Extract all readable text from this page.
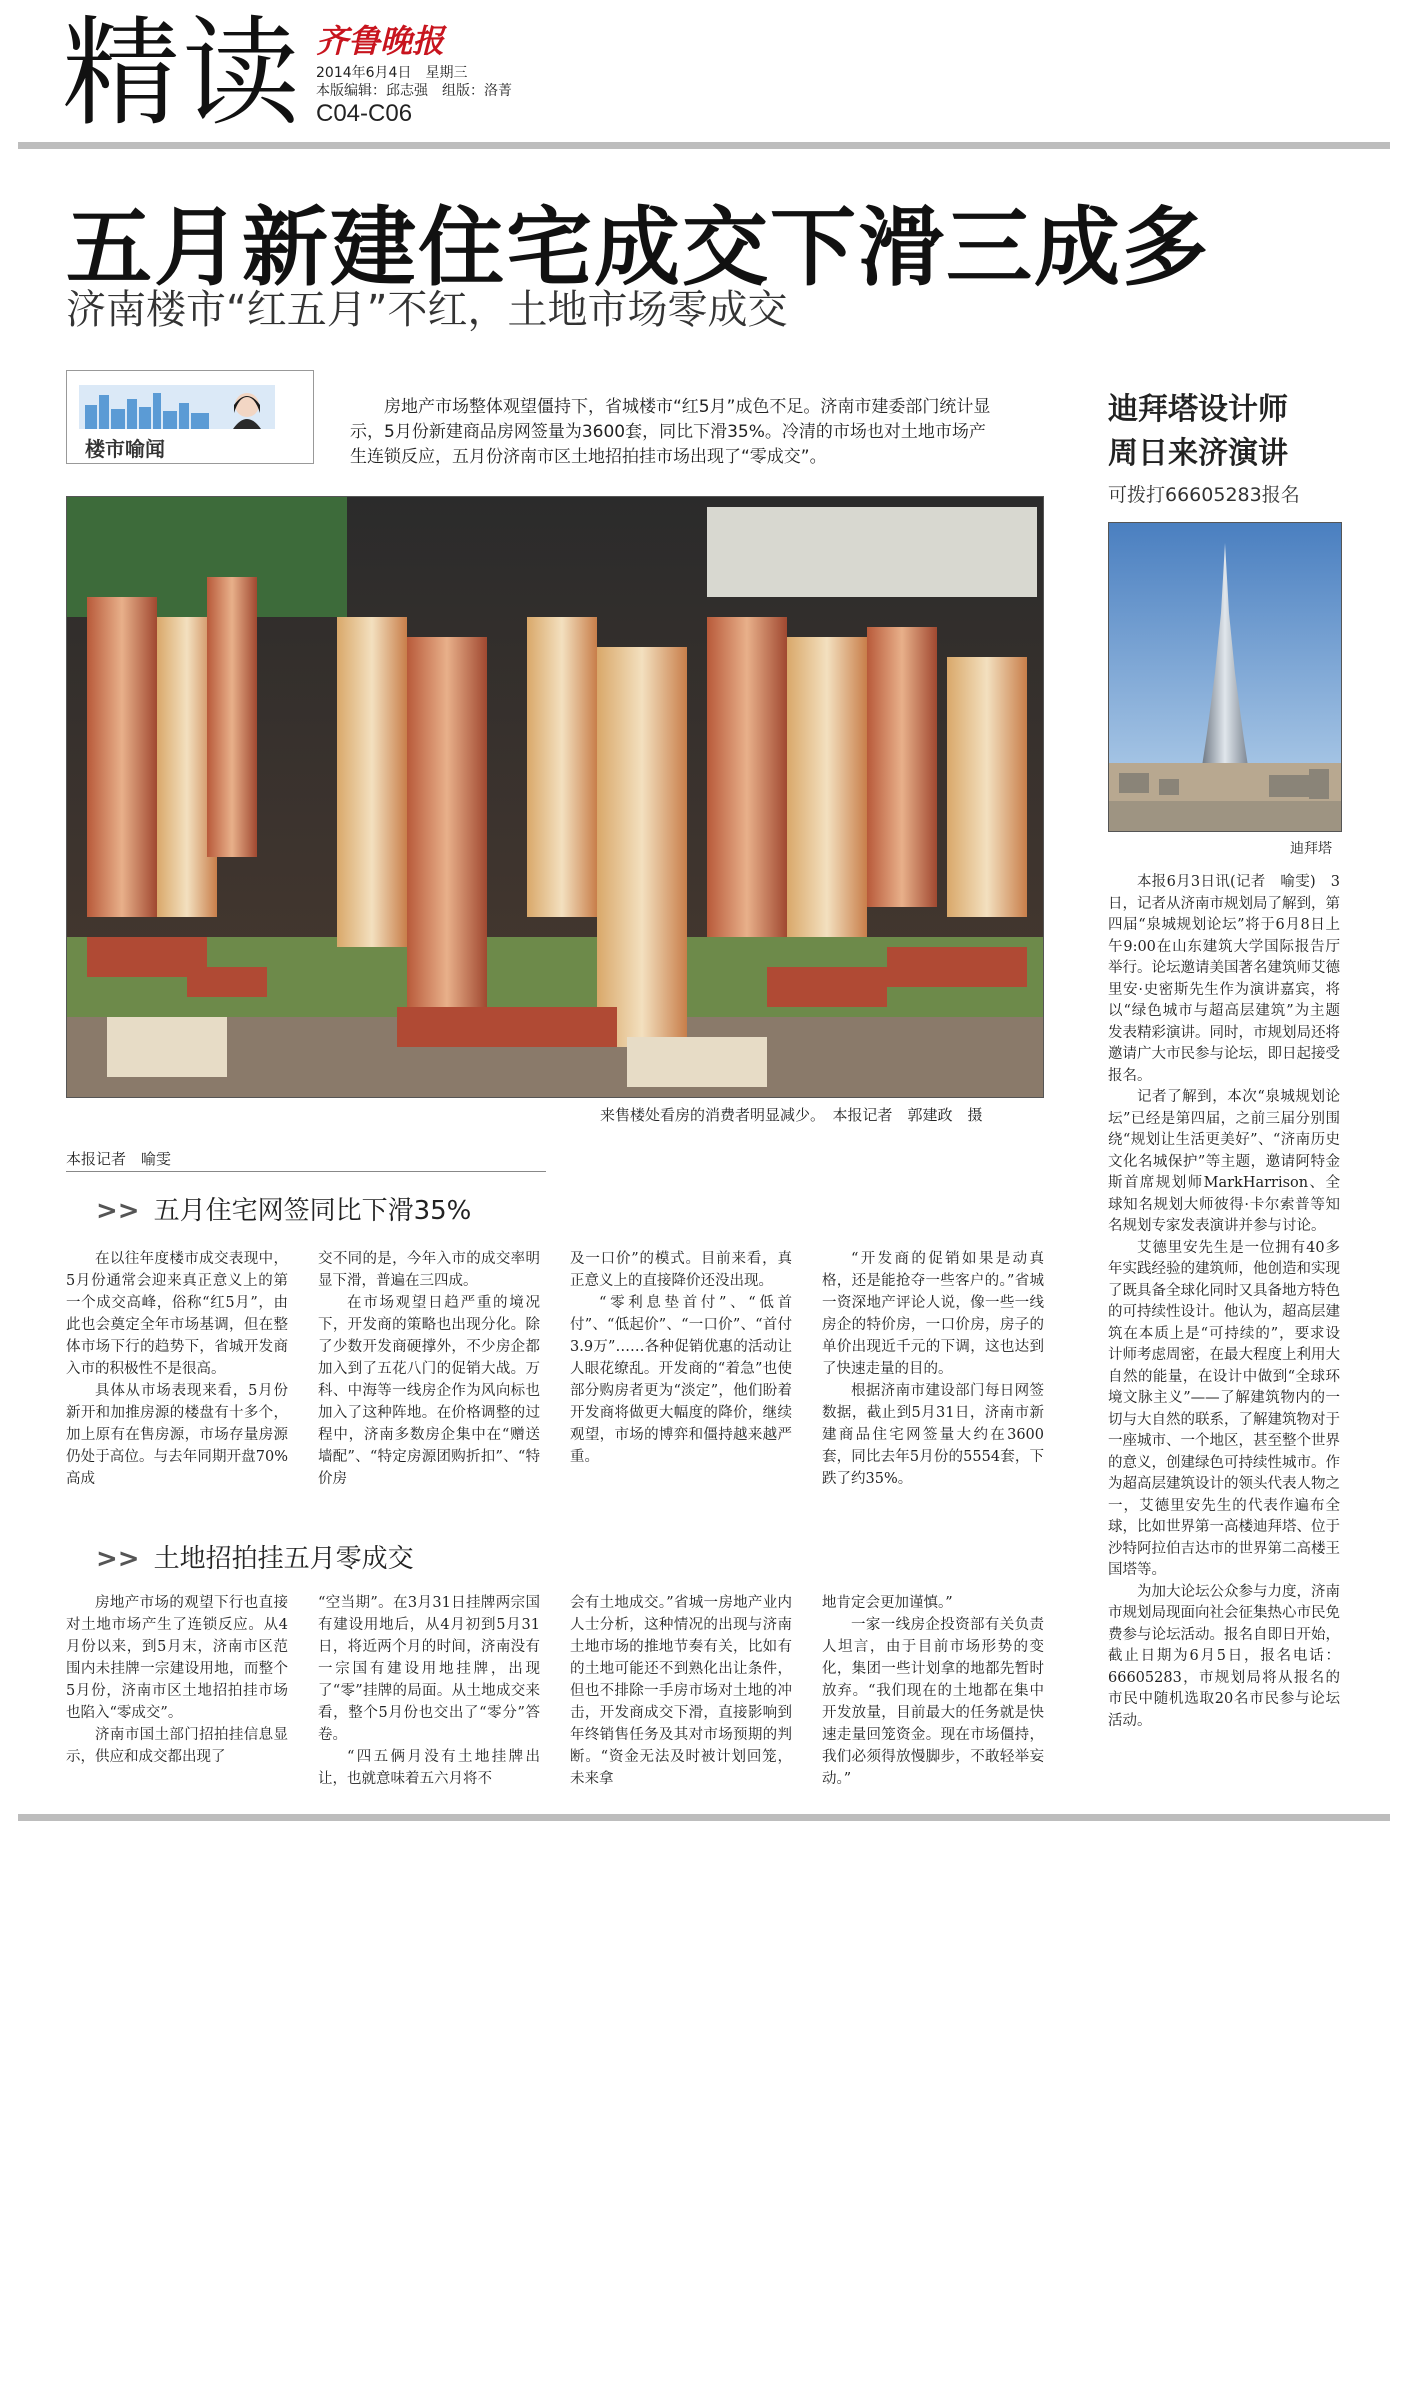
精读 齐鲁晚报
2014年6月4日　星期三
本版编辑：邱志强　组版：洛菁
C04-C06
五月新建住宅成交下滑三成多
济南楼市“红五月”不红，土地市场零成交
楼市喻闻
房地产市场整体观望僵持下，省城楼市“红5月”成色不足。济南市建委部门统计显示，5月份新建商品房网签量为3600套，同比下滑35%。冷清的市场也对土地市场产生连锁反应，五月份济南市区土地招拍挂市场出现了“零成交”。
来售楼处看房的消费者明显减少。　本报记者　郭建政　摄
本报记者　喻雯
>> 五月住宅网签同比下滑35%

在以往年度楼市成交表现中，5月份通常会迎来真正意义上的第一个成交高峰，俗称“红5月”，由此也会奠定全年市场基调，但在整体市场下行的趋势下，省城开发商入市的积极性不是很高。

具体从市场表现来看，5月份新开和加推房源的楼盘有十多个，加上原有在售房源，市场存量房源仍处于高位。与去年同期开盘70%高成

交不同的是，今年入市的成交率明显下滑，普遍在三四成。

在市场观望日趋严重的境况下，开发商的策略也出现分化。除了少数开发商硬撑外，不少房企都加入到了五花八门的促销大战。万科、中海等一线房企作为风向标也加入了这种阵地。在价格调整的过程中，济南多数房企集中在“赠送墙配”、“特定房源团购折扣”、“特价房

及一口价”的模式。目前来看，真正意义上的直接降价还没出现。

“零利息垫首付”、“低首付”、“低起价”、“一口价”、“首付3.9万”……各种促销优惠的活动让人眼花缭乱。开发商的“着急”也使部分购房者更为“淡定”，他们盼着开发商将做更大幅度的降价，继续观望，市场的博弈和僵持越来越严重。

“开发商的促销如果是动真格，还是能抢夺一些客户的。”省城一资深地产评论人说，像一些一线房企的特价房，一口价房，房子的单价出现近千元的下调，这也达到了快速走量的目的。

根据济南市建设部门每日网签数据，截止到5月31日，济南市新建商品住宅网签量大约在3600套，同比去年5月份的5554套，下跌了约35%。

>> 土地招拍挂五月零成交

房地产市场的观望下行也直接对土地市场产生了连锁反应。从4月份以来，到5月末，济南市区范围内未挂牌一宗建设用地，而整个5月份，济南市区土地招拍挂市场也陷入“零成交”。

济南市国土部门招拍挂信息显示，供应和成交都出现了

“空当期”。在3月31日挂牌两宗国有建设用地后，从4月初到5月31日，将近两个月的时间，济南没有一宗国有建设用地挂牌，出现了“零”挂牌的局面。从土地成交来看，整个5月份也交出了“零分”答卷。

“四五俩月没有土地挂牌出让，也就意味着五六月将不

会有土地成交。”省城一房地产业内人士分析，这种情况的出现与济南土地市场的推地节奏有关，比如有的土地可能还不到熟化出让条件，但也不排除一手房市场对土地的冲击，开发商成交下滑，直接影响到年终销售任务及其对市场预期的判断。“资金无法及时被计划回笼，未来拿

地肯定会更加谨慎。”

一家一线房企投资部有关负责人坦言，由于目前市场形势的变化，集团一些计划拿的地都先暂时放弃。“我们现在的土地都在集中开发放量，目前最大的任务就是快速走量回笼资金。现在市场僵持，我们必须得放慢脚步，不敢轻举妄动。”

迪拜塔设计师
周日来济演讲
可拨打66605283报名
迪拜塔

本报6月3日讯(记者　喻雯)　3日，记者从济南市规划局了解到，第四届“泉城规划论坛”将于6月8日上午9:00在山东建筑大学国际报告厅举行。论坛邀请美国著名建筑师艾德里安·史密斯先生作为演讲嘉宾，将以“绿色城市与超高层建筑”为主题发表精彩演讲。同时，市规划局还将邀请广大市民参与论坛，即日起接受报名。

记者了解到，本次“泉城规划论坛”已经是第四届，之前三届分别围绕“规划让生活更美好”、“济南历史文化名城保护”等主题，邀请阿特金斯首席规划师MarkHarrison、全球知名规划大师彼得·卡尔索普等知名规划专家发表演讲并参与讨论。

艾德里安先生是一位拥有40多年实践经验的建筑师，他创造和实现了既具备全球化同时又具备地方特色的可持续性设计。他认为，超高层建筑在本质上是“可持续的”，要求设计师考虑周密，在最大程度上利用大自然的能量，在设计中做到“全球环境文脉主义”——了解建筑物内的一切与大自然的联系，了解建筑物对于一座城市、一个地区，甚至整个世界的意义，创建绿色可持续性城市。作为超高层建筑设计的领头代表人物之一，艾德里安先生的代表作遍布全球，比如世界第一高楼迪拜塔、位于沙特阿拉伯吉达市的世界第二高楼王国塔等。

为加大论坛公众参与力度，济南市规划局现面向社会征集热心市民免费参与论坛活动。报名自即日开始，截止日期为6月5日，报名电话：66605283，市规划局将从报名的市民中随机选取20名市民参与论坛活动。
